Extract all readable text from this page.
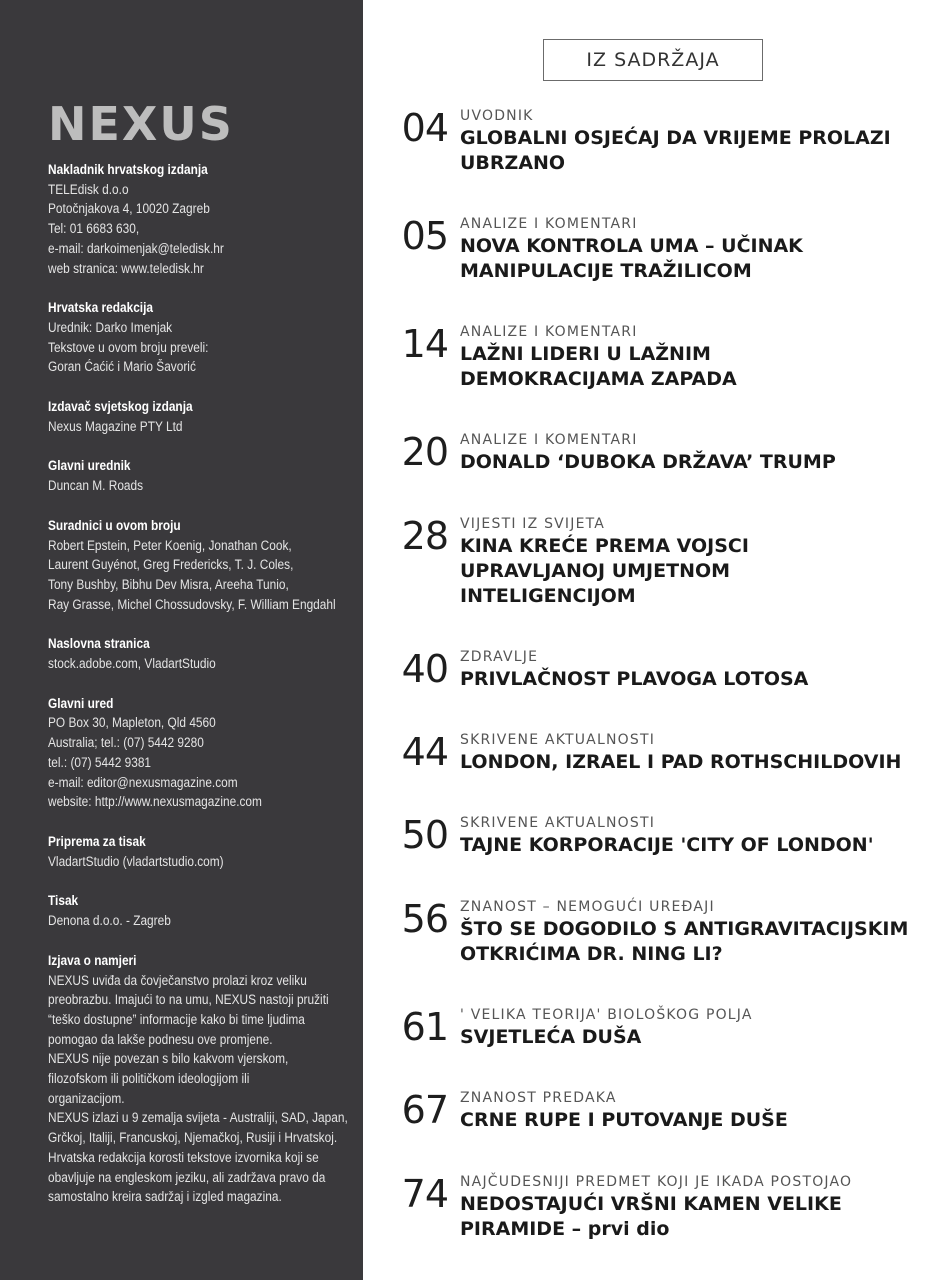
NEXUS
Nakladnik hrvatskog izdanja
TELEdisk d.o.o
Potočnjakova 4, 10020 Zagreb
Tel: 01 6683 630,
e-mail: darkoimenjak@teledisk.hr
web stranica: www.teledisk.hr
Hrvatska redakcija
Urednik: Darko Imenjak
Tekstove u ovom broju preveli:
Goran Ćaćić i Mario Šavorić
Izdavač svjetskog izdanja
Nexus Magazine PTY Ltd
Glavni urednik
Duncan M. Roads
Suradnici u ovom broju
Robert Epstein, Peter Koenig, Jonathan Cook,
Laurent Guyénot, Greg Fredericks, T. J. Coles,
Tony Bushby, Bibhu Dev Misra, Areeha Tunio,
Ray Grasse, Michel Chossudovsky, F. William Engdahl
Naslovna stranica
stock.adobe.com, VladartStudio
Glavni ured
PO Box 30, Mapleton, Qld 4560
Australia; tel.: (07) 5442 9280
tel.: (07) 5442 9381
e-mail: editor@nexusmagazine.com
website: http://www.nexusmagazine.com
Priprema za tisak
VladartStudio (vladartstudio.com)
Tisak
Denona d.o.o. - Zagreb
Izjava o namjeri
NEXUS uviđa da čovječanstvo prolazi kroz veliku
preobrazbu. Imajući to na umu, NEXUS nastoji pružiti
“teško dostupne” informacije kako bi time ljudima
pomogao da lakše podnesu ove promjene.
NEXUS nije povezan s bilo kakvom vjerskom,
filozofskom ili političkom ideologijom ili
organizacijom.
NEXUS izlazi u 9 zemalja svijeta - Australiji, SAD, Japan,
Grčkoj, Italiji, Francuskoj, Njemačkoj, Rusiji i Hrvatskoj.
Hrvatska redakcija korosti tekstove izvornika koji se
obavljuje na engleskom jeziku, ali zadržava pravo da
samostalno kreira sadržaj i izgled magazina.
IZ SADRŽAJA
04 UVODNIK
GLOBALNI OSJEĆAJ DA VRIJEME PROLAZI
UBRZANO
05 ANALIZE I KOMENTARI
NOVA KONTROLA UMA – UČINAK
MANIPULACIJE TRAŽILICOM
14 ANALIZE I KOMENTARI
LAŽNI LIDERI U LAŽNIM
DEMOKRACIJAMA ZAPADA
20 ANALIZE I KOMENTARI
DONALD ‘DUBOKA DRŽAVA’ TRUMP
28 VIJESTI IZ SVIJETA
KINA KREĆE PREMA VOJSCI
UPRAVLJANOJ UMJETNOM
INTELIGENCIJOM
40 ZDRAVLJE
PRIVLAČNOST PLAVOGA LOTOSA
44 SKRIVENE AKTUALNOSTI
LONDON, IZRAEL I PAD ROTHSCHILDOVIH
50 SKRIVENE AKTUALNOSTI
TAJNE KORPORACIJE 'CITY OF LONDON'
56 ZNANOST – NEMOGUĆI UREĐAJI
ŠTO SE DOGODILO S ANTIGRAVITACIJSKIM
OTKRIĆIMA DR. NING LI?
61 ' VELIKA TEORIJA' BIOLOŠKOG POLJA
SVJETLEĆA DUŠA
67 ZNANOST PREDAKA
CRNE RUPE I PUTOVANJE DUŠE
74 NAJČUDESNIJI PREDMET KOJI JE IKADA POSTOJAO
NEDOSTAJUĆI VRŠNI KAMEN VELIKE
PIRAMIDE – prvi dio
